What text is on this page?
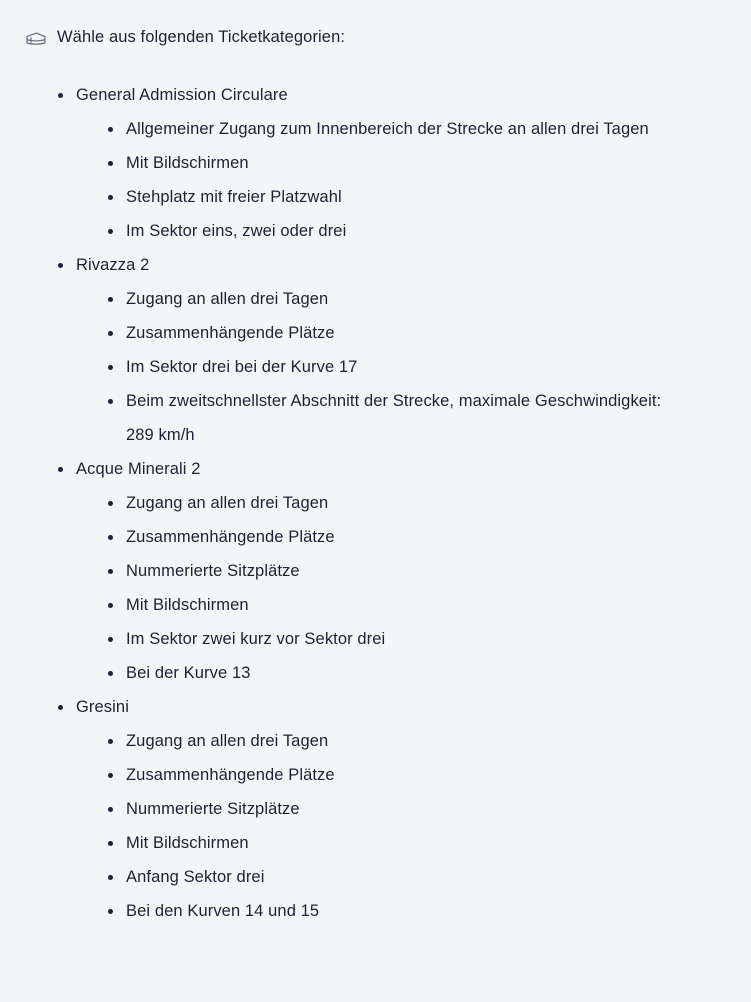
Wähle aus folgenden Ticketkategorien:
General Admission Circulare
Allgemeiner Zugang zum Innenbereich der Strecke an allen drei Tagen
Mit Bildschirmen
Stehplatz mit freier Platzwahl
Im Sektor eins, zwei oder drei
Rivazza 2
Zugang an allen drei Tagen
Zusammenhängende Plätze
Im Sektor drei bei der Kurve 17
Beim zweitschnellster Abschnitt der Strecke, maximale Geschwindigkeit: 289 km/h
Acque Minerali 2
Zugang an allen drei Tagen
Zusammenhängende Plätze
Nummerierte Sitzplätze
Mit Bildschirmen
Im Sektor zwei kurz vor Sektor drei
Bei der Kurve 13
Gresini
Zugang an allen drei Tagen
Zusammenhängende Plätze
Nummerierte Sitzplätze
Mit Bildschirmen
Anfang Sektor drei
Bei den Kurven 14 und 15
